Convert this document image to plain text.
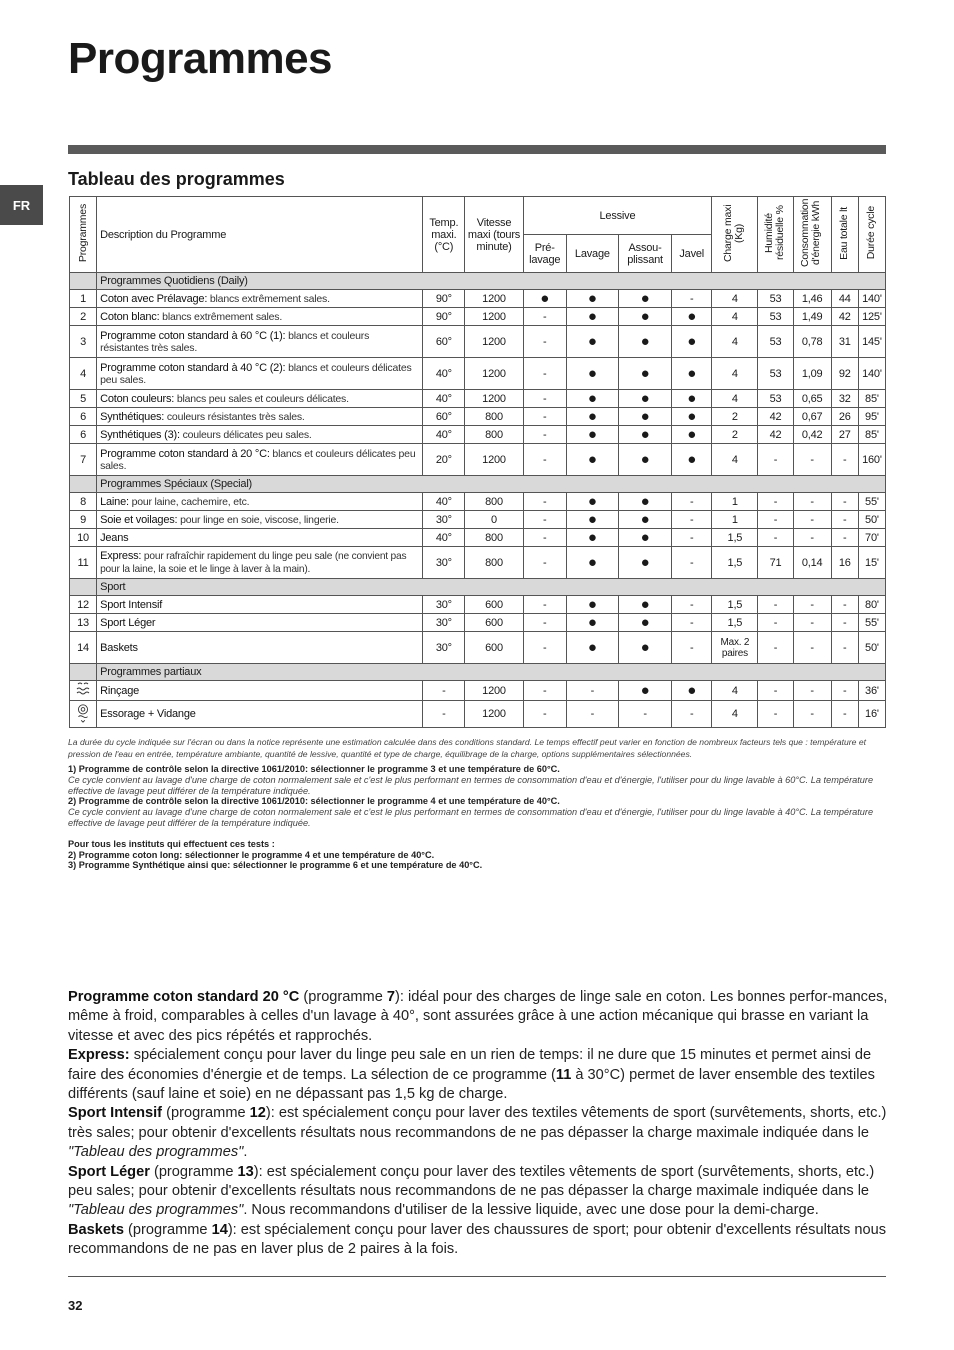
Programmes
FR
Tableau des programmes
Programmes	Description du Programme	Temp. maxi. (°C)	Vitesse maxi (tours minute)	Lessive				Charge maxi (Kg)	Humidité résiduelle %	Consommation d'énergie kWh	Eau totale lt	Durée cycle
				Pré-lavage	Lavage	Assou-plissant	Javel					
	Programmes Quotidiens (Daily)											
1	Coton avec Prélavage: blancs extrêmement sales.	90°	1200	●	●	●	-	4	53	1,46	44	140'
2	Coton blanc: blancs extrêmement sales.	90°	1200	-	●	●	●	4	53	1,49	42	125'
3	Programme coton standard à 60 °C (1): blancs et couleurs résistantes très sales.	60°	1200	-	●	●	●	4	53	0,78	31	145'
4	Programme coton standard à 40 °C (2): blancs et couleurs délicates peu sales.	40°	1200	-	●	●	●	4	53	1,09	92	140'
5	Coton couleurs: blancs peu sales et couleurs délicates.	40°	1200	-	●	●	●	4	53	0,65	32	85'
6	Synthétiques: couleurs résistantes très sales.	60°	800	-	●	●	●	2	42	0,67	26	95'
6	Synthétiques (3): couleurs délicates peu sales.	40°	800	-	●	●	●	2	42	0,42	27	85'
7	Programme coton standard à 20 °C: blancs et couleurs délicates peu sales.	20°	1200	-	●	●	●	4	-	-	-	160'
	Programmes Spéciaux (Special)											
8	Laine: pour laine, cachemire, etc.	40°	800	-	●	●	-	1	-	-	-	55'
9	Soie et voilages: pour linge en soie, viscose, lingerie.	30°	0	-	●	●	-	1	-	-	-	50'
10	Jeans	40°	800	-	●	●	-	1,5	-	-	-	70'
11	Express: pour rafraîchir rapidement du linge peu sale (ne convient pas pour la laine, la soie et le linge à laver à la main).	30°	800	-	●	●	-	1,5	71	0,14	16	15'
	Sport											
12	Sport Intensif	30°	600	-	●	●	-	1,5	-	-	-	80'
13	Sport Léger	30°	600	-	●	●	-	1,5	-	-	-	55'
14	Baskets	30°	600	-	●	●	-	Max. 2 paires	-	-	-	50'
	Programmes partiaux											
	Rinçage	-	1200	-	-	●	●	4	-	-	-	36'
	Essorage + Vidange	-	1200	-	-	-	-	4	-	-	-	16'

La durée du cycle indiquée sur l'écran ou dans la notice représente une estimation calculée dans des conditions standard. Le temps effectif peut varier en fonction de nombreux facteurs tels que : température et pression de l'eau en entrée, température ambiante, quantité de lessive, quantité et type de charge, équilibrage de la charge, options supplémentaires sélectionnées.

1) Programme de contrôle selon la directive 1061/2010: sélectionner le programme 3 et une température de 60°C.

Ce cycle convient au lavage d'une charge de coton normalement sale et c'est le plus performant en termes de consommation d'eau et d'énergie, l'utiliser pour du linge lavable à 60°C. La température effective de lavage peut différer de la température indiquée.

2) Programme de contrôle selon la directive 1061/2010: sélectionner le programme 4 et une température de 40°C.

Ce cycle convient au lavage d'une charge de coton normalement sale et c'est le plus performant en termes de consommation d'eau et d'énergie, l'utiliser pour du linge lavable à 40°C. La température effective de lavage peut différer de la température indiquée.

Pour tous les instituts qui effectuent ces tests :

2) Programme coton long: sélectionner le programme 4 et une température de 40°C.

3) Programme Synthétique ainsi que: sélectionner le programme 6 et une température de 40°C.

Programme coton standard 20 °C (programme 7): idéal pour des charges de linge sale en coton. Les bonnes perfor-mances, même à froid, comparables à celles d'un lavage à 40°, sont assurées grâce à une action mécanique qui brasse en variant la vitesse et avec des pics répétés et rapprochés.

Express: spécialement conçu pour laver du linge peu sale en un rien de temps: il ne dure que 15 minutes et permet ainsi de faire des économies d'énergie et de temps. La sélection de ce programme (11 à 30°C) permet de laver ensemble des textiles différents (sauf laine et soie) en ne dépassant pas 1,5 kg de charge.

Sport Intensif (programme 12): est spécialement conçu pour laver des textiles vêtements de sport (survêtements, shorts, etc.) très sales; pour obtenir d'excellents résultats nous recommandons de ne pas dépasser la charge maximale indiquée dans le "Tableau des programmes".

Sport Léger (programme 13): est spécialement conçu pour laver des textiles vêtements de sport (survêtements, shorts, etc.) peu sales; pour obtenir d'excellents résultats nous recommandons de ne pas dépasser la charge maximale indiquée dans le "Tableau des programmes". Nous recommandons d'utiliser de la lessive liquide, avec une dose pour la demi-charge.

Baskets (programme 14): est spécialement conçu pour laver des chaussures de sport; pour obtenir d'excellents résultats nous recommandons de ne pas en laver plus de 2 paires à la fois.

32
